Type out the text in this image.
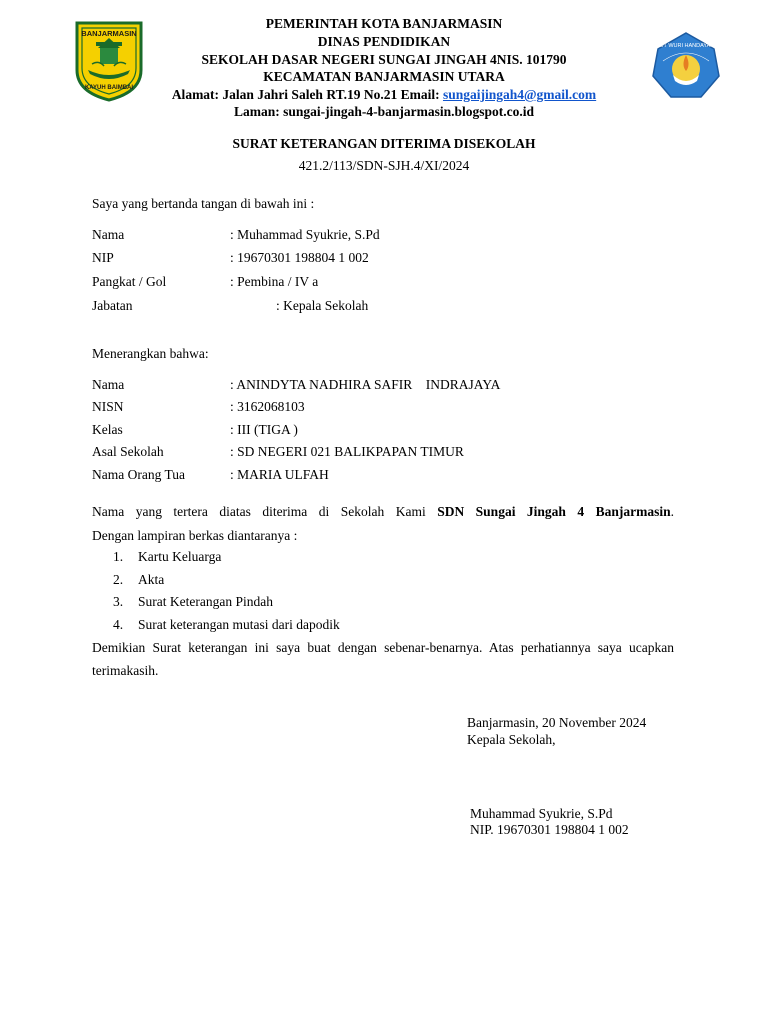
BANJARMASIN
KAYUH BAIMBAI
TUT WURI HANDAYANI
PEMERINTAH KOTA BANJARMASIN
DINAS PENDIDIKAN
SEKOLAH DASAR NEGERI SUNGAI JINGAH 4NIS. 101790
KECAMATAN BANJARMASIN UTARA
Alamat: Jalan Jahri Saleh RT.19 No.21 Email: sungaijingah4@gmail.com
Laman: sungai-jingah-4-banjarmasin.blogspot.co.id
SURAT KETERANGAN DITERIMA DISEKOLAH
421.2/113/SDN-SJH.4/XI/2024
Saya yang bertanda tangan di bawah ini :
Nama	: Muhammad Syukrie, S.Pd
NIP	: 19670301 198804 1 002
Pangkat / Gol	: Pembina / IV a
Jabatan	: Kepala Sekolah
Menerangkan bahwa:
Nama	: ANINDYTA NADHIRA SAFIR    INDRAJAYA
NISN	: 3162068103
Kelas	: III (TIGA )
Asal Sekolah	: SD NEGERI 021 BALIKPAPAN TIMUR
Nama Orang Tua	: MARIA ULFAH
Nama yang tertera diatas diterima di Sekolah Kami SDN Sungai Jingah 4 Banjarmasin.
Dengan lampiran berkas diantaranya :
1. Kartu Keluarga
2. Akta
3. Surat Keterangan Pindah
4. Surat keterangan mutasi dari dapodik
Demikian Surat keterangan ini saya buat dengan sebenar-benarnya. Atas perhatiannya saya ucapkan terimakasih.
Banjarmasin, 20 November 2024
Kepala Sekolah,
Muhammad Syukrie, S.Pd
NIP. 19670301 198804 1 002
